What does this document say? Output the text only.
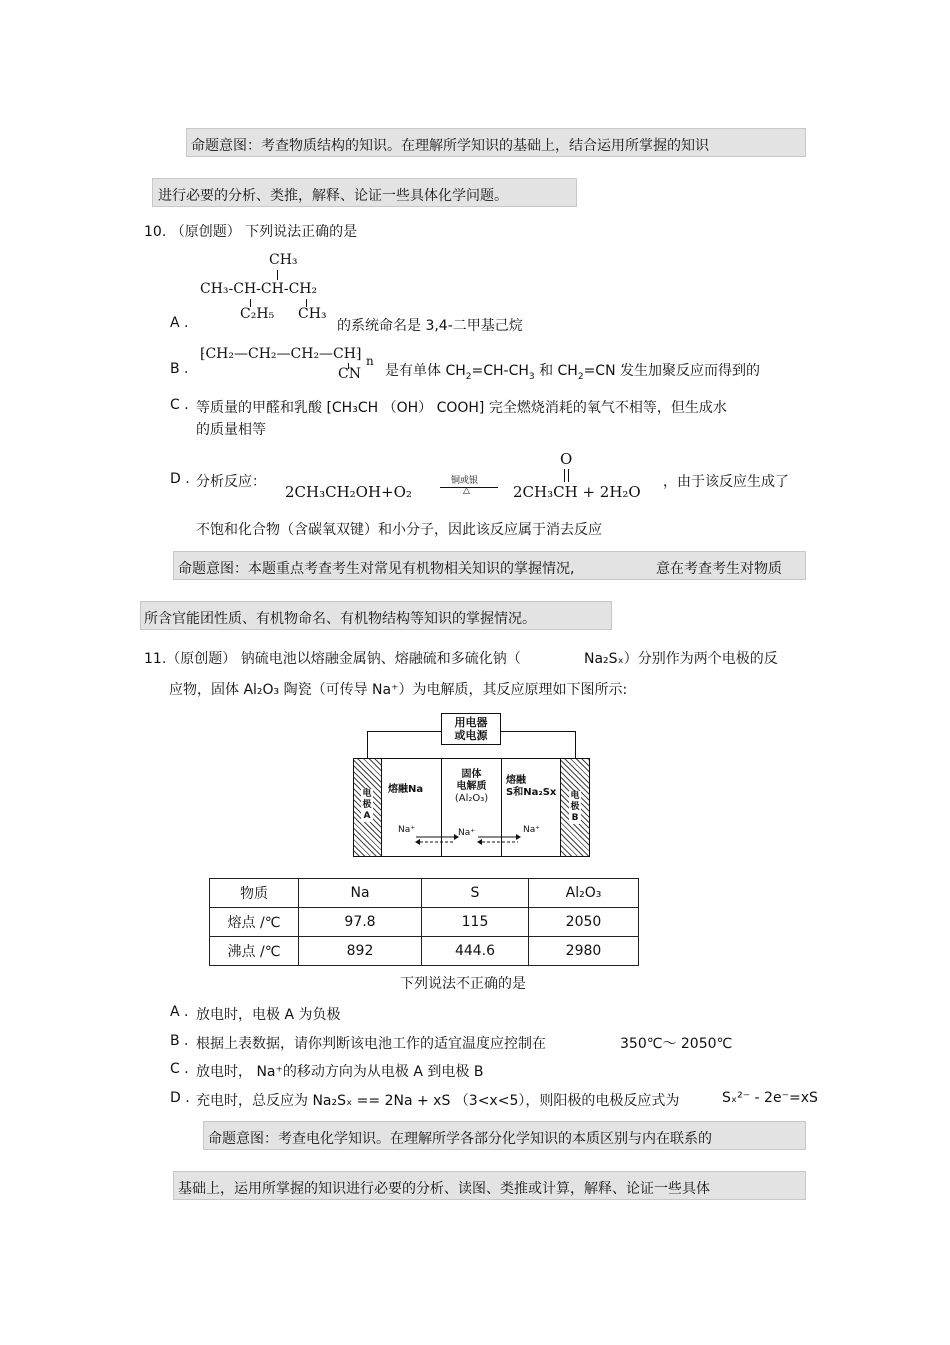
命题意图：考查物质结构的知识。在理解所学知识的基础上，结合运用所掌握的知识
进行必要的分析、类推，解释、论证一些具体化学问题。
10. （原创题） 下列说法正确的是
A .
CH₃
CH₃-CH-CH-CH₂
C₂H₅ CH₃
的系统命名是 3,4-二甲基己烷
B .
⁅CH₂—CH₂—CH₂—CH⁆ n
CN 是有单体 $CH_2=CH-CH_3$ 和 $CH_2=CN$ 发生加聚反应而得到的
C . 等质量的甲醛和乳酸 [CH₃CH （OH） COOH] 完全燃烧消耗的氧气不相等，但生成水
的质量相等
D . 分析反应：
2CH₃CH₂OH+O₂
铜或银
△
O
2CH₃CH + 2H₂O
，由于该反应生成了
不饱和化合物（含碳氧双键）和小分子，因此该反应属于消去反应
命题意图：本题重点考查考生对常见有机物相关知识的掌握情况,	意在考查考生对物质
所含官能团性质、有机物命名、有机物结构等知识的掌握情况。
11.（原创题） 钠硫电池以熔融金属钠、熔融硫和多硫化钠（	Na₂Sₓ）分别作为两个电极的反
应物，固体 Al₂O₃ 陶瓷（可传导 Na⁺）为电解质，其反应原理如下图所示:
用电器
或电源
电
极
A
电
极
B
熔融Na
固体
电解质
(Al₂O₃)
熔融
S和Na₂Sx
Na⁺	Na⁺	Na⁺
物质	Na	S	Al₂O₃
熔点 /℃	97.8	115	2050
沸点 /℃	892	444.6	2980
下列说法不正确的是
A . 放电时，电极 A 为负极
B . 根据上表数据，请你判断该电池工作的适宜温度应控制在	350℃～ 2050℃
C . 放电时， Na⁺的移动方向为从电极 A 到电极 B
D . 充电时，总反应为 Na₂Sₓ == 2Na + xS （3<x<5），则阳极的电极反应式为	Sₓ²⁻ - 2e⁻=xS
命题意图：考查电化学知识。在理解所学各部分化学知识的本质区别与内在联系的
基础上，运用所掌握的知识进行必要的分析、读图、类推或计算，解释、论证一些具体
